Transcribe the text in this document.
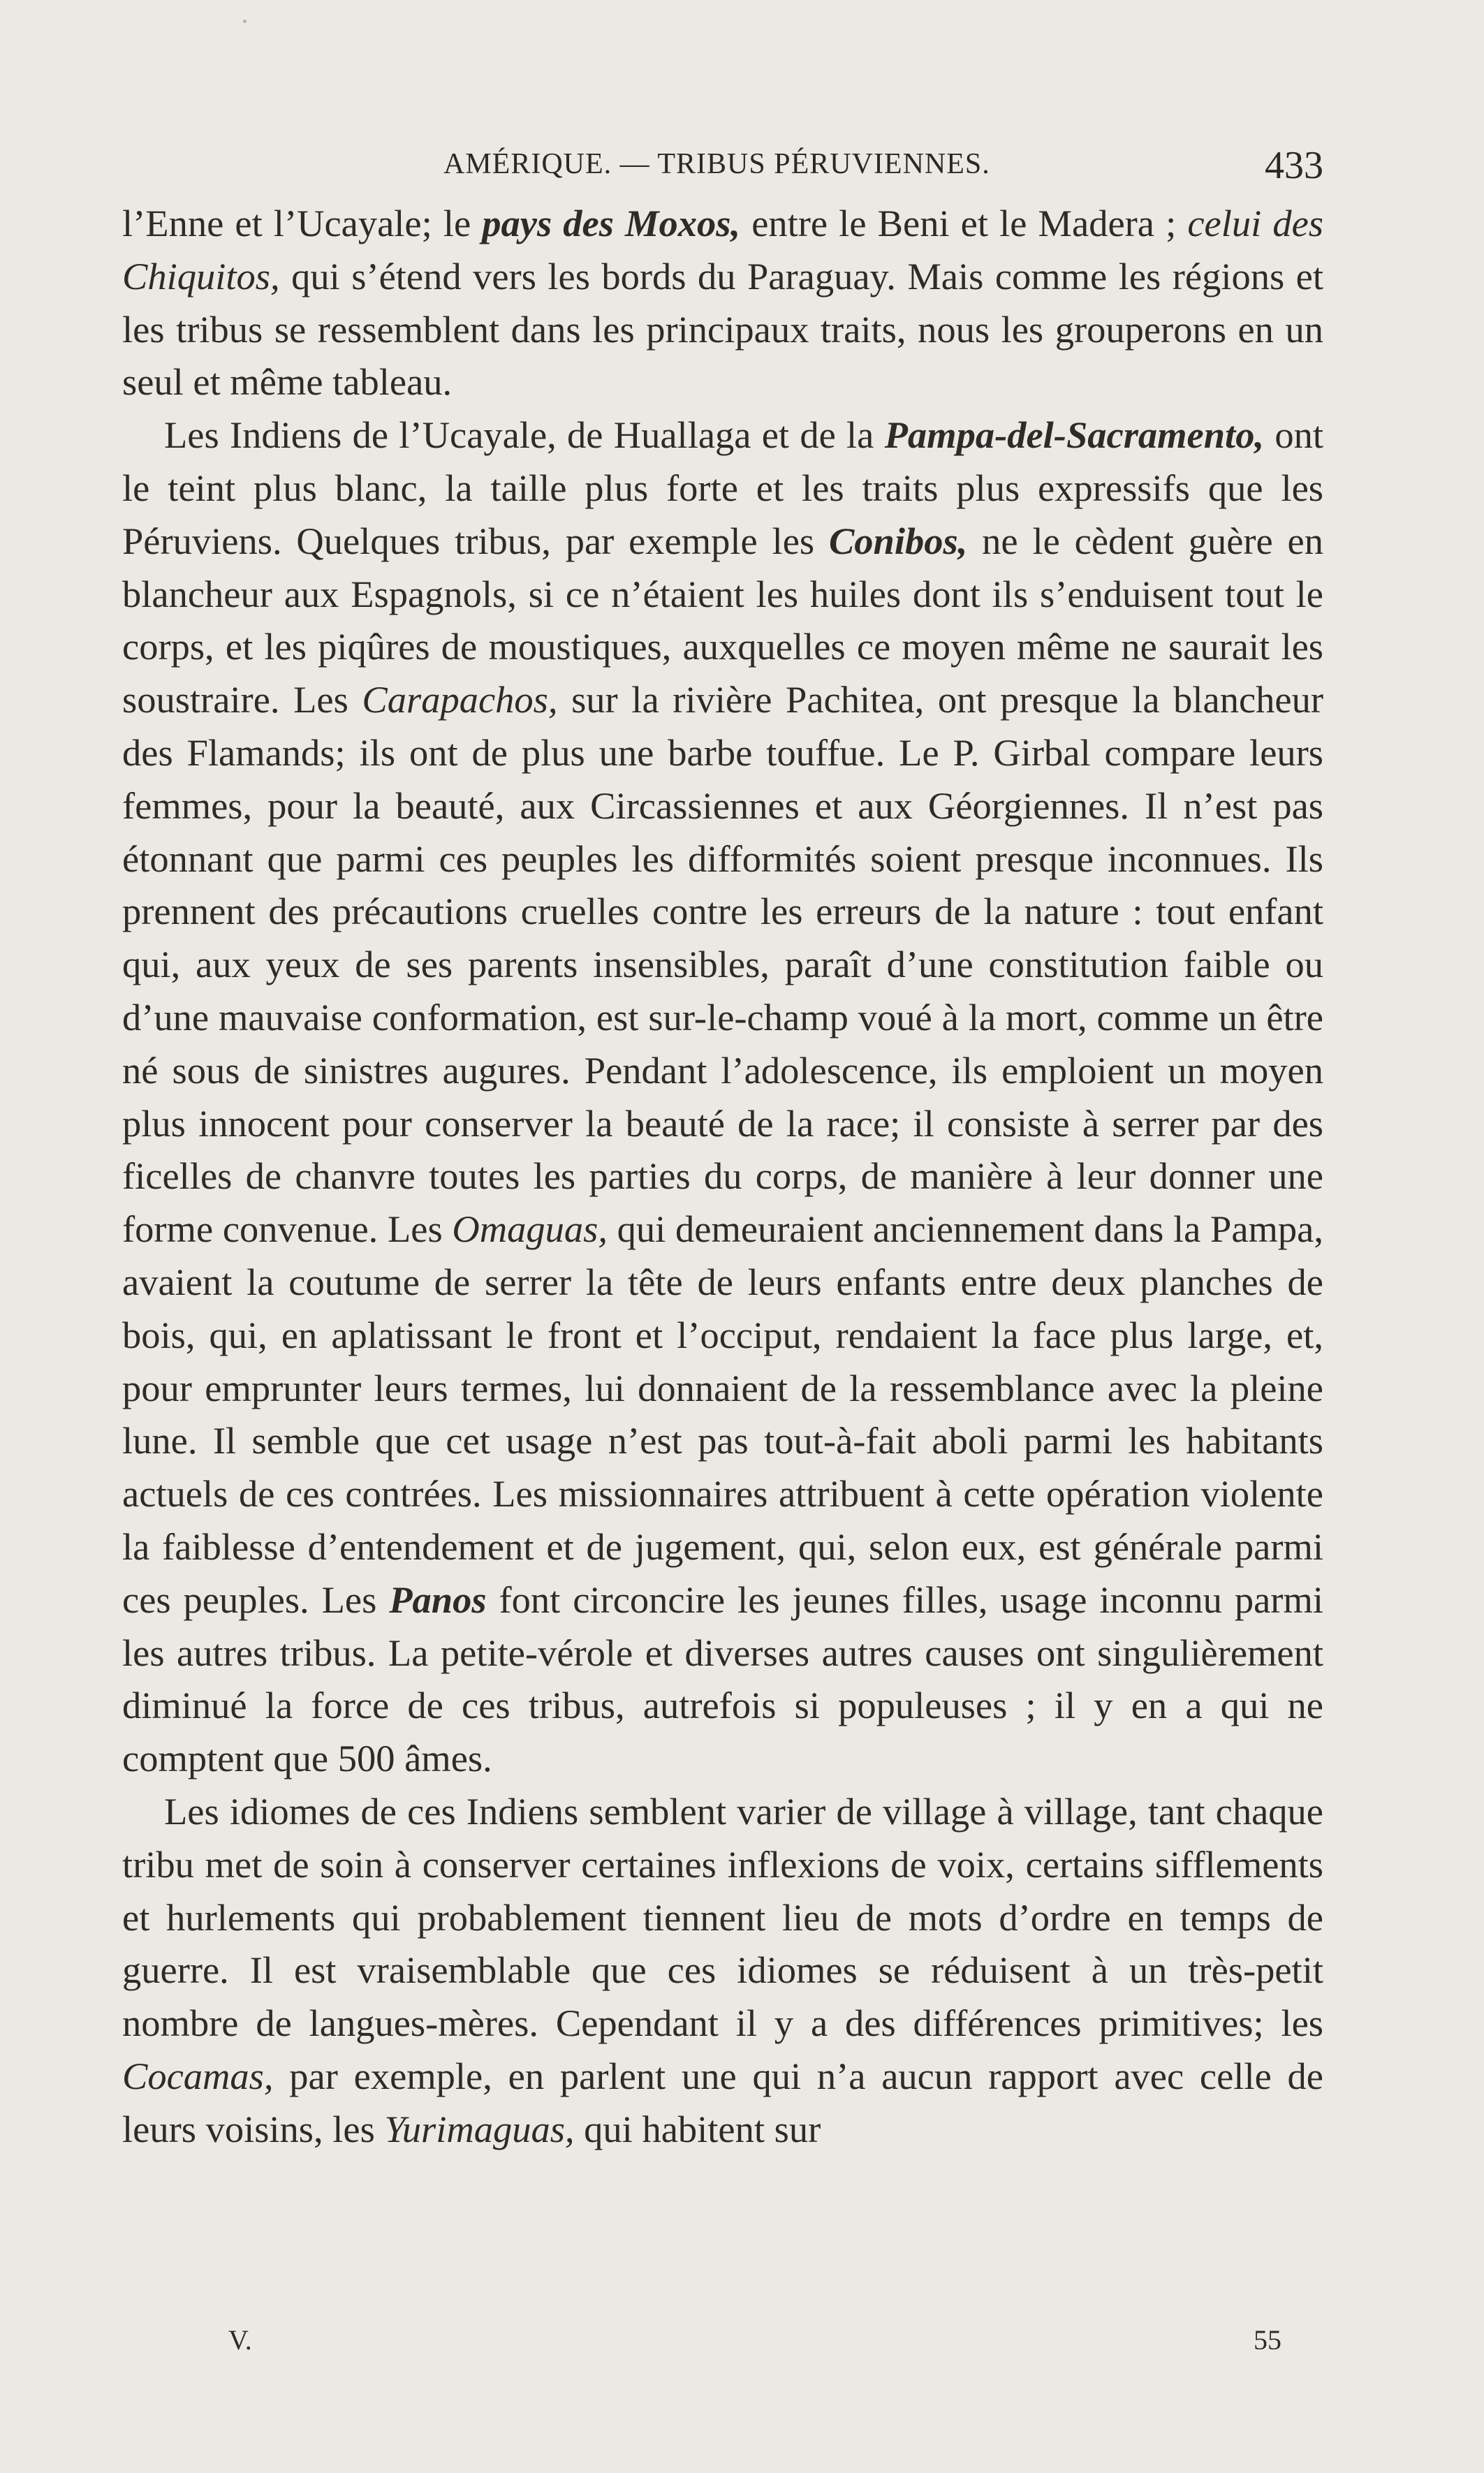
AMÉRIQUE. — TRIBUS PÉRUVIENNES.	433

l’Enne et l’Ucayale; le pays des Moxos, entre le Beni et le Madera ; celui des Chiquitos, qui s’étend vers les bords du Paraguay. Mais comme les régions et les tribus se ressemblent dans les principaux traits, nous les grouperons en un seul et même tableau.

Les Indiens de l’Ucayale, de Huallaga et de la Pampa-del-Sacramento, ont le teint plus blanc, la taille plus forte et les traits plus expressifs que les Péruviens. Quelques tribus, par exemple les Conibos, ne le cèdent guère en blancheur aux Espagnols, si ce n’étaient les huiles dont ils s’enduisent tout le corps, et les piqûres de moustiques, auxquelles ce moyen même ne saurait les soustraire. Les Carapachos, sur la rivière Pachitea, ont presque la blancheur des Flamands; ils ont de plus une barbe touffue. Le P. Girbal compare leurs femmes, pour la beauté, aux Circassiennes et aux Géorgiennes. Il n’est pas étonnant que parmi ces peuples les difformités soient presque inconnues. Ils prennent des précautions cruelles contre les erreurs de la nature : tout enfant qui, aux yeux de ses parents insensibles, paraît d’une constitution faible ou d’une mauvaise conformation, est sur-le-champ voué à la mort, comme un être né sous de sinistres augures. Pendant l’adolescence, ils emploient un moyen plus innocent pour conserver la beauté de la race; il consiste à serrer par des ficelles de chanvre toutes les parties du corps, de manière à leur donner une forme convenue. Les Omaguas, qui demeuraient anciennement dans la Pampa, avaient la coutume de serrer la tête de leurs enfants entre deux planches de bois, qui, en aplatissant le front et l’occiput, rendaient la face plus large, et, pour emprunter leurs termes, lui donnaient de la ressemblance avec la pleine lune. Il semble que cet usage n’est pas tout-à-fait aboli parmi les habitants actuels de ces contrées. Les missionnaires attribuent à cette opération violente la faiblesse d’entendement et de jugement, qui, selon eux, est générale parmi ces peuples. Les Panos font circoncire les jeunes filles, usage inconnu parmi les autres tribus. La petite-vérole et diverses autres causes ont singulièrement diminué la force de ces tribus, autrefois si populeuses ; il y en a qui ne comptent que 500 âmes.

Les idiomes de ces Indiens semblent varier de village à village, tant chaque tribu met de soin à conserver certaines inflexions de voix, certains sifflements et hurlements qui probablement tiennent lieu de mots d’ordre en temps de guerre. Il est vraisemblable que ces idiomes se réduisent à un très-petit nombre de langues-mères. Cependant il y a des différences primitives; les Cocamas, par exemple, en parlent une qui n’a aucun rapport avec celle de leurs voisins, les Yurimaguas, qui habitent sur

V.	55
